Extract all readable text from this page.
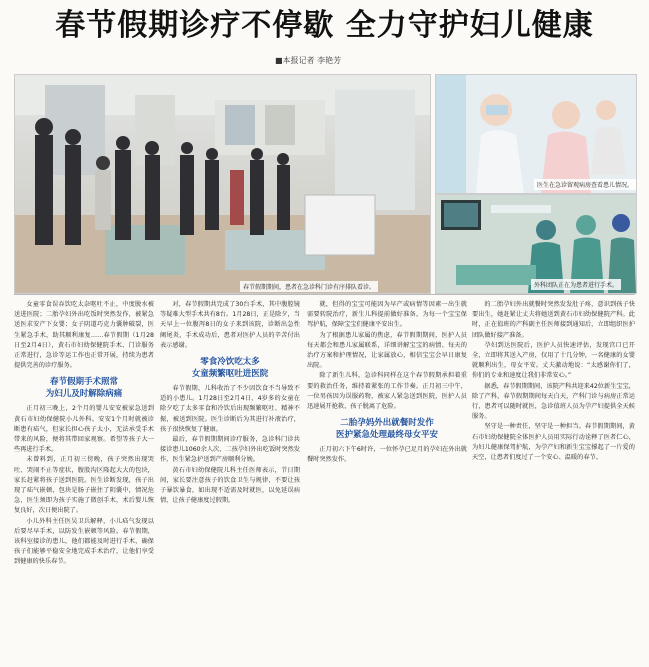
春节假期诊疗不停歇 全力守护妇儿健康
■本报记者 李艳芳
春节假期期间，患者在急诊科门诊有序排队看诊。
医生在急诊留观病房查看患儿情况。
外科团队正在为患者进行手术。

女童零食误吞饮吃太杂呕吐不止，中度脱水被送进医院；二胎孕妇外出吃饭时突然发作，被紧急送医求安产下女婴；女子阴道巧克力囊肿破裂，医生紧急手术，助其顺利康复……春节假期（1月28日至2月4日），黄石市妇幼保健院手术、门诊服务正常进行，急诊等运工作也正常开展，持续为患者提供完善的诊疗服务。

春节假期手术照常
为妇儿及时解除病痛

正月初三晚上，2个月的婴儿安安被家急送到黄石市妇幼保健院小儿外科。安安1个月时就被诊断患有疝气，但家长担心孩子太小，无法承受手术带来的风险，便将其带回家观察。希望等孩子大一些再进行手术。

未曾料到，正月初三傍晚，孩子突然出现哭吐、哭闹不止等症状，腹股沟区隆起大大的包块，家长赶紧将孩子送到医院。医生诊断发现，孩子出现了疝气嵌顿，包块是肠子嵌住了阴囊中，情况危急，医生须即为孩子实施了微创手术，术后婴儿恢复良好，次日便出院了。

小儿外科主任医吴卫兵解释，小儿疝气发现以后要尽早手术，以防发生嵌顿等风险。春节假期，该科室接诊的患儿，他们都能及时进行手术，确保孩子们能够平稳安全地完成手术治疗，让他们享受到健康的快乐春节。

对，春节假期共完成了30台手术，其中腹腔镜等疑难大型手术共有8台。1月28日，正是除夕，当天早上一位腹泻8日的女子来到该院，诊断出急性阑尾炎，手术成功后，患者对医护人员的辛苦付出表示感谢。

零食冷饮吃太多
女童频繁呕吐进医院

春节假期，儿科收治了不少因饮食不当导致不适的小患儿。1月28日至2月4日，4岁多的女童在除夕吃了太多零食和冷饮后出现频繁呕吐、精神不振，被送到医院。医生诊断后为其进行补液治疗，孩子很快恢复了健康。

最后，春节假期期间诊疗服务，急诊科门诊共接诊患儿1060余人次，二孩孕妇外出吃饭时突然发作，医生紧急护送到产房顺利分娩。

黄石市妇幼保健院儿科主任医师表示，节日期间，家长要注意孩子的饮食卫生与规律，不要让孩子暴饮暴食，如出现不适需及时就医，以免延误病情，让孩子健康度过假期。

就，但得的宝宝可能因为早产或病情等因素一出生就需要转院治疗，新生儿科提前做好准备，为每一个宝宝保驾护航，保障宝宝们健康平安出生。

为了根据患儿家属的焦虑，春节假期期间，医护人员每天都会和患儿家属联系，详细讲解宝宝的病情、每天的治疗方案和护理情况，让家属放心，相信宝宝会早日康复出院。

除了新生儿科，急诊科同样在这个春节假期承担着重要的救治任务，维持着紧张的工作节奏。正月初三中午，一位男孩因为误服药物，被家人紧急送到医院，医护人员迅速展开抢救，孩子脱离了危险。

二胎孕妈外出就餐时发作
医护紧急处理最终母女平安

正月初六下午6时许，一位怀孕已足月的孕妇在外出就餐时突然发作。

的二胎孕妇外出就餐时突然发发肚子疼，意识到孩子快要出生，她赶紧让丈夫将她送到黄石市妇幼保健院产科。此时，正在值班的产科副主任医师接到通知后，立即组织医护团队做好接产准备。

孕妇到达医院后，医护人员快速评估，发现宫口已开全，立即将其送入产房，仅用了十几分钟，一名健康的女婴就顺利出生，母女平安。丈夫激动地说：“太感谢你们了，你们的专业和速度让我们非常安心。”

据悉，春节假期期间，该院产科共迎来42位新生宝宝，除了产科，春节假期期间每天白天，产科门诊与病房正常运行，患者可以随时就医，急诊值班人员为孕产妇提供全天候服务。

坚守是一种责任，坚守是一种担当。春节假期期间，黄石市妇幼保健院全体医护人员用实际行动诠释了医者仁心，为妇儿健康保驾护航，为孕产妇和新生宝宝撑起了一片爱的天空，让患者们度过了一个安心、温暖的春节。
